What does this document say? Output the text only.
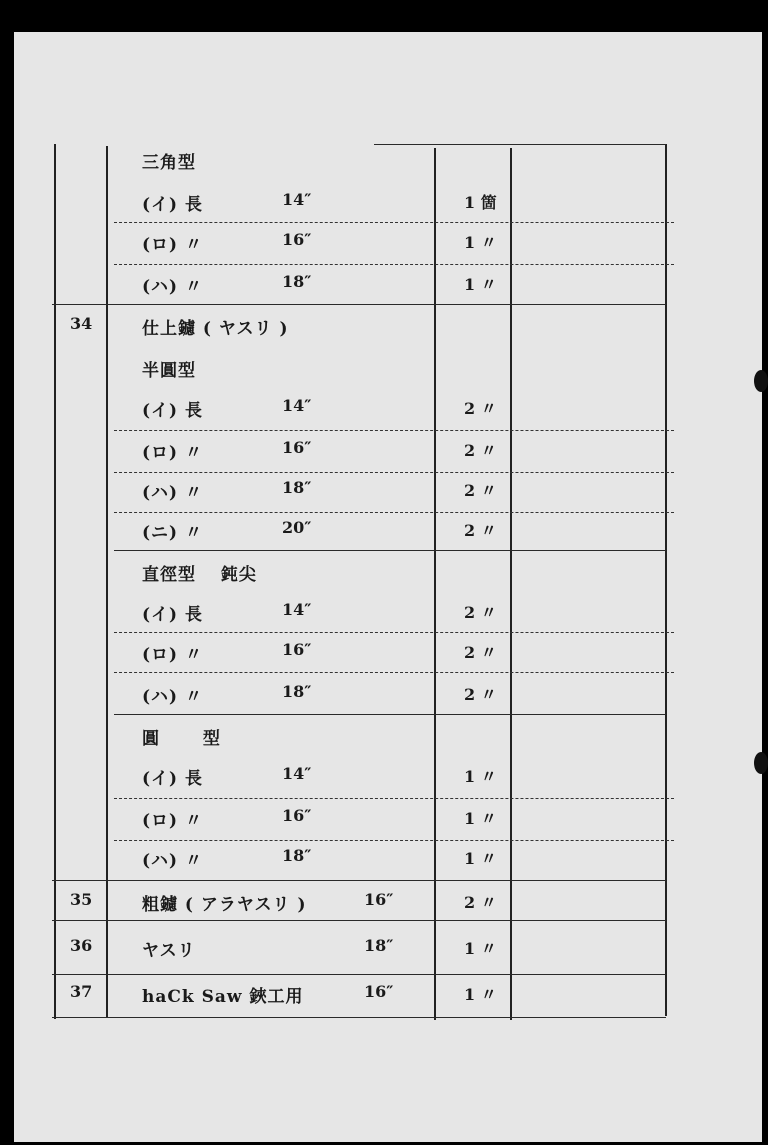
三角型
(イ) 長	14″	1 箇
(ロ) 〃	16″	1 〃
(ハ) 〃	18″	1 〃
34	仕上鑢 ( ヤスリ )
半圓型
(イ) 長	14″	2 〃
(ロ) 〃	16″	2 〃
(ハ) 〃	18″	2 〃
(ニ) 〃	20″	2 〃
直徑型　 鈍尖
(イ) 長	14″	2 〃
(ロ) 〃	16″	2 〃
(ハ) 〃	18″	2 〃
圓　　 型
(イ) 長	14″	1 〃
(ロ) 〃	16″	1 〃
(ハ) 〃	18″	1 〃
35	粗鑢 ( アラヤスリ )	16″	2 〃
36	ヤスリ	18″	1 〃
37	haCk Saw 鋏工用	16″	1 〃
